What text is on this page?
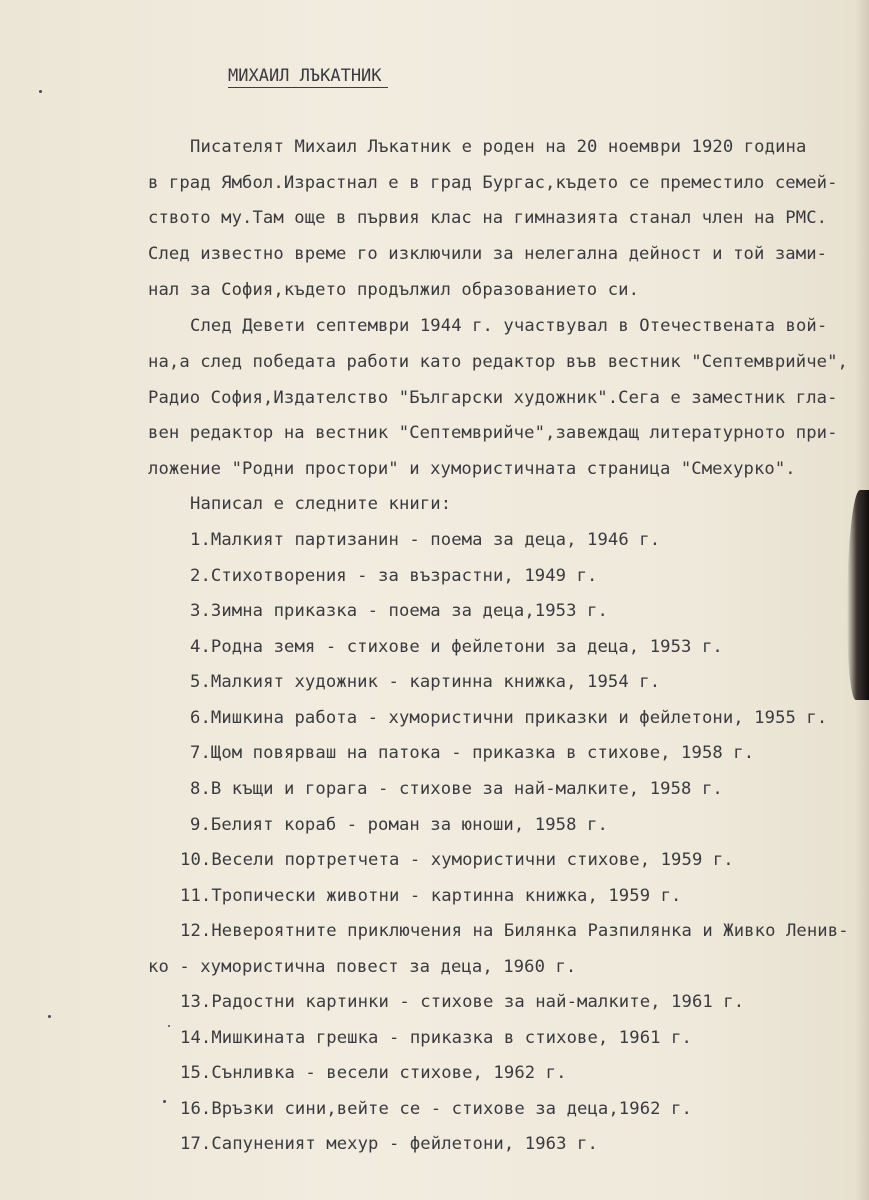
МИХАИЛ ЛЪКАТНИК
Писателят Михаил Лъкатник е роден на 20 ноември 1920 година
в град Ямбол.Израстнал е в град Бургас,където се преместило семей-
ството му.Там още в първия клас на гимназията станал член на РМС.
След известно време го изключили за нелегална дейност и той зами-
нал за София,където продължил образованието си.
След Девети септември 1944 г. участвувал в Отечествената вой-
на,а след победата работи като редактор във вестник "Септемврийче",
Радио София,Издателство "Български художник".Сега е заместник гла-
вен редактор на вестник "Септемврийче",завеждащ литературното при-
ложение "Родни простори" и хумористичната страница "Смехурко".
Написал е следните книги:
1.Малкият партизанин - поема за деца, 1946 г.
2.Стихотворения - за възрастни, 1949 г.
3.Зимна приказка - поема за деца,1953 г.
4.Родна земя - стихове и фейлетони за деца, 1953 г.
5.Малкият художник - картинна книжка, 1954 г.
6.Мишкина работа - хумористични приказки и фейлетони, 1955 г.
7.Щом повярваш на патока - приказка в стихове, 1958 г.
8.В къщи и горага - стихове за най-малките, 1958 г.
9.Белият кораб - роман за юноши, 1958 г.
10.Весели портретчета - хумористични стихове, 1959 г.
11.Тропически животни - картинна книжка, 1959 г.
12.Невероятните приключения на Билянка Разпилянка и Живко Ленив-
ко - хумористична повест за деца, 1960 г.
13.Радостни картинки - стихове за най-малките, 1961 г.
14.Мишкината грешка - приказка в стихове, 1961 г.
15.Сънливка - весели стихове, 1962 г.
16.Връзки сини,вейте се - стихове за деца,1962 г.
17.Сапуненият мехур - фейлетони, 1963 г.
